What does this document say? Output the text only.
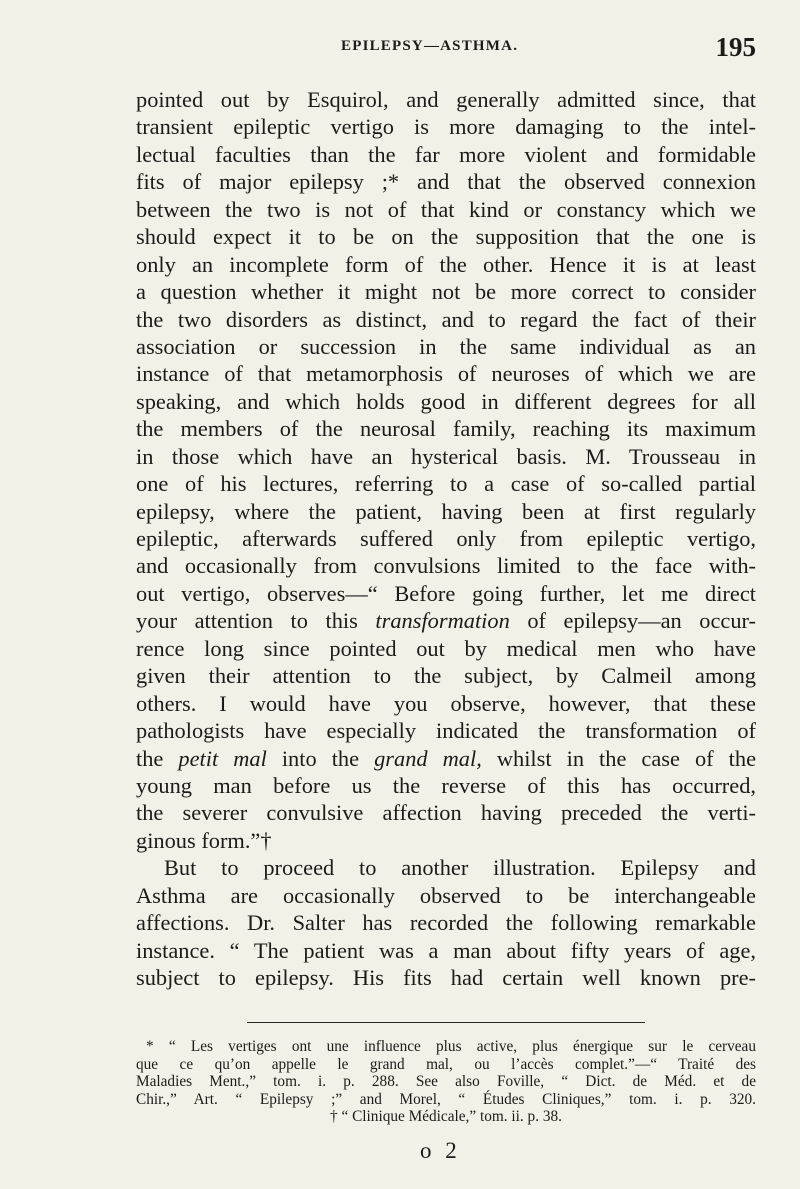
EPILEPSY—ASTHMA.	195
pointed out by Esquirol, and generally admitted since, that
transient epileptic vertigo is more damaging to the intel-
lectual faculties than the far more violent and formidable
fits of major epilepsy ;* and that the observed connexion
between the two is not of that kind or constancy which we
should expect it to be on the supposition that the one is
only an incomplete form of the other. Hence it is at least
a question whether it might not be more correct to consider
the two disorders as distinct, and to regard the fact of their
association or succession in the same individual as an
instance of that metamorphosis of neuroses of which we are
speaking, and which holds good in different degrees for all
the members of the neurosal family, reaching its maximum
in those which have an hysterical basis. M. Trousseau in
one of his lectures, referring to a case of so-called partial
epilepsy, where the patient, having been at first regularly
epileptic, afterwards suffered only from epileptic vertigo,
and occasionally from convulsions limited to the face with-
out vertigo, observes—“ Before going further, let me direct
your attention to this transformation of epilepsy—an occur-
rence long since pointed out by medical men who have
given their attention to the subject, by Calmeil among
others. I would have you observe, however, that these
pathologists have especially indicated the transformation of
the petit mal into the grand mal, whilst in the case of the
young man before us the reverse of this has occurred,
the severer convulsive affection having preceded the verti-
ginous form.”†
But to proceed to another illustration. Epilepsy and
Asthma are occasionally observed to be interchangeable
affections. Dr. Salter has recorded the following remarkable
instance. “ The patient was a man about fifty years of age,
subject to epilepsy. His fits had certain well known pre-
* “ Les vertiges ont une influence plus active, plus énergique sur le cerveau
que ce qu’on appelle le grand mal, ou l’accès complet.”—“ Traité des
Maladies Ment.,” tom. i. p. 288. See also Foville, “ Dict. de Méd. et de
Chir.,” Art. “ Epilepsy ;” and Morel, “ Études Cliniques,” tom. i. p. 320.
† “ Clinique Médicale,” tom. ii. p. 38.
o 2
